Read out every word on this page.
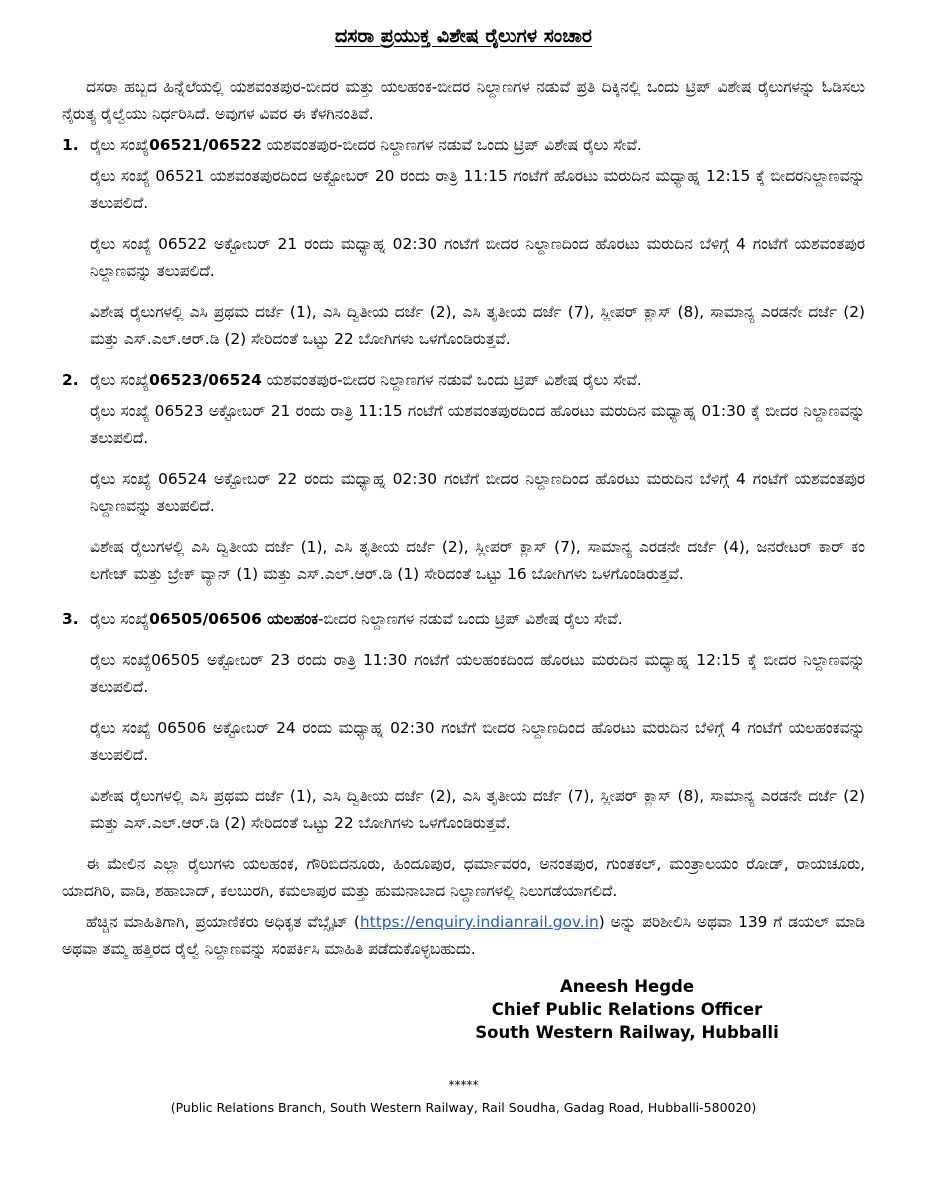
ದಸರಾ ಪ್ರಯುಕ್ತ ವಿಶೇಷ ರೈಲುಗಳ ಸಂಚಾರ

ದಸರಾ ಹಬ್ಬದ ಹಿನ್ನೆಲೆಯಲ್ಲಿ ಯಶವಂತಪುರ-ಬೀದರ ಮತ್ತು ಯಲಹಂಕ-ಬೀದರ ನಿಲ್ದಾಣಗಳ ನಡುವೆ ಪ್ರತಿ ದಿಕ್ಕಿನಲ್ಲಿ ಒಂದು ಟ್ರಿಪ್ ವಿಶೇಷ ರೈಲುಗಳನ್ನು ಓಡಿಸಲು ನೈರುತ್ಯ ರೈಲ್ವೆಯು ನಿರ್ಧರಿಸಿದೆ. ಅವುಗಳ ವಿವರ ಈ ಕೆಳಗಿನಂತಿವೆ.

1. ರೈಲು ಸಂಖ್ಯೆ06521/06522 ಯಶವಂತಪುರ-ಬೀದರ ನಿಲ್ದಾಣಗಳ ನಡುವೆ ಒಂದು ಟ್ರಿಪ್ ವಿಶೇಷ ರೈಲು ಸೇವೆ.

ರೈಲು ಸಂಖ್ಯೆ 06521 ಯಶವಂತಪುರದಿಂದ ಅಕ್ಟೋಬರ್ 20 ರಂದು ರಾತ್ರಿ 11:15 ಗಂಟೆಗೆ ಹೊರಟು ಮರುದಿನ ಮಧ್ಯಾಹ್ನ 12:15 ಕ್ಕೆ ಬೀದರನಿಲ್ದಾಣವನ್ನು ತಲುಪಲಿದೆ.

ರೈಲು ಸಂಖ್ಯೆ 06522 ಅಕ್ಟೋಬರ್ 21 ರಂದು ಮಧ್ಯಾಹ್ನ 02:30 ಗಂಟೆಗೆ ಬೀದರ ನಿಲ್ದಾಣದಿಂದ ಹೊರಟು ಮರುದಿನ ಬೆಳಿಗ್ಗೆ 4 ಗಂಟೆಗೆ ಯಶವಂತಪುರ ನಿಲ್ದಾಣವನ್ನು ತಲುಪಲಿದೆ.

ವಿಶೇಷ ರೈಲುಗಳಲ್ಲಿ ಎಸಿ ಪ್ರಥಮ ದರ್ಜೆ (1), ಎಸಿ ದ್ವಿತೀಯ ದರ್ಜೆ (2), ಎಸಿ ತೃತೀಯ ದರ್ಜೆ (7), ಸ್ಲೀಪರ್ ಕ್ಲಾಸ್ (8), ಸಾಮಾನ್ಯ ಎರಡನೇ ದರ್ಜೆ (2) ಮತ್ತು ಎಸ್.ಎಲ್.ಆರ್.ಡಿ (2) ಸೇರಿದಂತೆ ಒಟ್ಟು 22 ಬೋಗಿಗಳು ಒಳಗೊಂಡಿರುತ್ತವೆ.

2. ರೈಲು ಸಂಖ್ಯೆ06523/06524 ಯಶವಂತಪುರ-ಬೀದರ ನಿಲ್ದಾಣಗಳ ನಡುವೆ ಒಂದು ಟ್ರಿಪ್ ವಿಶೇಷ ರೈಲು ಸೇವೆ.

ರೈಲು ಸಂಖ್ಯೆ 06523 ಅಕ್ಟೋಬರ್ 21 ರಂದು ರಾತ್ರಿ 11:15 ಗಂಟೆಗೆ ಯಶವಂತಪುರದಿಂದ ಹೊರಟು ಮರುದಿನ ಮಧ್ಯಾಹ್ನ 01:30 ಕ್ಕೆ ಬೀದರ ನಿಲ್ದಾಣವನ್ನು ತಲುಪಲಿದೆ.

ರೈಲು ಸಂಖ್ಯೆ 06524 ಅಕ್ಟೋಬರ್ 22 ರಂದು ಮಧ್ಯಾಹ್ನ 02:30 ಗಂಟೆಗೆ ಬೀದರ ನಿಲ್ದಾಣದಿಂದ ಹೊರಟು ಮರುದಿನ ಬೆಳಿಗ್ಗೆ 4 ಗಂಟೆಗೆ ಯಶವಂತಪುರ ನಿಲ್ದಾಣವನ್ನು ತಲುಪಲಿದೆ.

ವಿಶೇಷ ರೈಲುಗಳಲ್ಲಿ ಎಸಿ ದ್ವಿತೀಯ ದರ್ಜೆ (1), ಎಸಿ ತೃತೀಯ ದರ್ಜೆ (2), ಸ್ಲೀಪರ್ ಕ್ಲಾಸ್ (7), ಸಾಮಾನ್ಯ ಎರಡನೇ ದರ್ಜೆ (4), ಜನರೇಟರ್ ಕಾರ್ ಕಂ ಲಗೇಜ್ ಮತ್ತು ಬ್ರೇಕ್ ವ್ಯಾನ್ (1) ಮತ್ತು ಎಸ್.ಎಲ್.ಆರ್.ಡಿ (1) ಸೇರಿದಂತೆ ಒಟ್ಟು 16 ಬೋಗಿಗಳು ಒಳಗೊಂಡಿರುತ್ತವೆ.

3. ರೈಲು ಸಂಖ್ಯೆ06505/06506 ಯಲಹಂಕ-ಬೀದರ ನಿಲ್ದಾಣಗಳ ನಡುವೆ ಒಂದು ಟ್ರಿಪ್ ವಿಶೇಷ ರೈಲು ಸೇವೆ.

ರೈಲು ಸಂಖ್ಯೆ06505 ಅಕ್ಟೋಬರ್ 23 ರಂದು ರಾತ್ರಿ 11:30 ಗಂಟೆಗೆ ಯಲಹಂಕದಿಂದ ಹೊರಟು ಮರುದಿನ ಮಧ್ಯಾಹ್ನ 12:15 ಕ್ಕೆ ಬೀದರ ನಿಲ್ದಾಣವನ್ನು ತಲುಪಲಿದೆ.

ರೈಲು ಸಂಖ್ಯೆ 06506 ಅಕ್ಟೋಬರ್ 24 ರಂದು ಮಧ್ಯಾಹ್ನ 02:30 ಗಂಟೆಗೆ ಬೀದರ ನಿಲ್ದಾಣದಿಂದ ಹೊರಟು ಮರುದಿನ ಬೆಳಿಗ್ಗೆ 4 ಗಂಟೆಗೆ ಯಲಹಂಕವನ್ನು ತಲುಪಲಿದೆ.

ವಿಶೇಷ ರೈಲುಗಳಲ್ಲಿ ಎಸಿ ಪ್ರಥಮ ದರ್ಜೆ (1), ಎಸಿ ದ್ವಿತೀಯ ದರ್ಜೆ (2), ಎಸಿ ತೃತೀಯ ದರ್ಜೆ (7), ಸ್ಲೀಪರ್ ಕ್ಲಾಸ್ (8), ಸಾಮಾನ್ಯ ಎರಡನೇ ದರ್ಜೆ (2) ಮತ್ತು ಎಸ್.ಎಲ್.ಆರ್.ಡಿ (2) ಸೇರಿದಂತೆ ಒಟ್ಟು 22 ಬೋಗಿಗಳು ಒಳಗೊಂಡಿರುತ್ತವೆ.

ಈ ಮೇಲಿನ ಎಲ್ಲಾ ರೈಲುಗಳು ಯಲಹಂಕ, ಗೌರಿಬಿದನೂರು, ಹಿಂದೂಪುರ, ಧರ್ಮಾವರಂ, ಅನಂತಪುರ, ಗುಂತಕಲ್, ಮಂತ್ರಾಲಯಂ ರೋಡ್, ರಾಯಚೂರು, ಯಾದಗಿರಿ, ವಾಡಿ, ಶಹಾಬಾದ್, ಕಲಬುರಗಿ, ಕಮಲಾಪುರ ಮತ್ತು ಹುಮನಾಬಾದ ನಿಲ್ದಾಣಗಳಲ್ಲಿ ನಿಲುಗಡೆಯಾಗಲಿದೆ.

ಹೆಚ್ಚಿನ ಮಾಹಿತಿಗಾಗಿ, ಪ್ರಯಾಣಿಕರು ಅಧಿಕೃತ ವೆಬ್ಸೈಟ್ (https://enquiry.indianrail.gov.in) ಅನ್ನು ಪರಿಶೀಲಿಸಿ ಅಥವಾ 139 ಗೆ ಡಯಲ್ ಮಾಡಿ ಅಥವಾ ತಮ್ಮ ಹತ್ತಿರದ ರೈಲ್ವೆ ನಿಲ್ದಾಣವನ್ನು ಸಂಪರ್ಕಿಸಿ ಮಾಹಿತಿ ಪಡೆದುಕೊಳ್ಳಬಹುದು.

Aneesh Hegde
Chief Public Relations Officer
South Western Railway, Hubballi
*****
(Public Relations Branch, South Western Railway, Rail Soudha, Gadag Road, Hubballi-580020)
